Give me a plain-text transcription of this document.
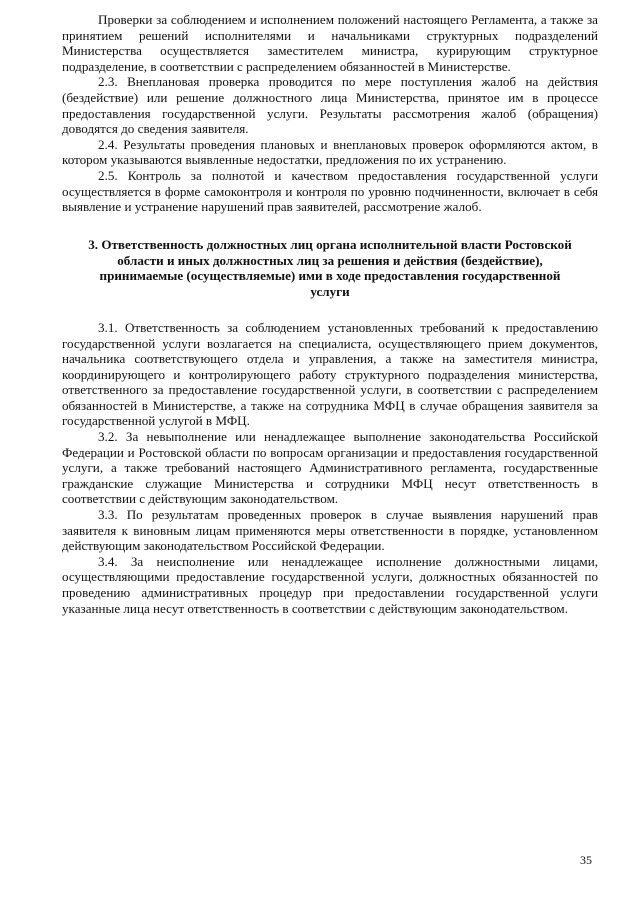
Проверки за соблюдением и исполнением положений настоящего Регламента, а также за принятием решений исполнителями и начальниками структурных подразделений Министерства осуществляется заместителем министра, курирующим структурное подразделение, в соответствии с распределением обязанностей в Министерстве.

2.3. Внеплановая проверка проводится по мере поступления жалоб на действия (бездействие) или решение должностного лица Министерства, принятое им в процессе предоставления государственной услуги. Результаты рассмотрения жалоб (обращения) доводятся до сведения заявителя.

2.4. Результаты проведения плановых и внеплановых проверок оформляются актом, в котором указываются выявленные недостатки, предложения по их устранению.

2.5. Контроль за полнотой и качеством предоставления государственной услуги осуществляется в форме самоконтроля и контроля по уровню подчиненности, включает в себя выявление и устранение нарушений прав заявителей, рассмотрение жалоб.

3. Ответственность должностных лиц органа исполнительной власти Ростовской области и иных должностных лиц за решения и действия (бездействие), принимаемые (осуществляемые) ими в ходе предоставления государственной услуги

3.1. Ответственность за соблюдением установленных требований к предоставлению государственной услуги возлагается на специалиста, осуществляющего прием документов, начальника соответствующего отдела и управления, а также на заместителя министра, координирующего и контролирующего работу структурного подразделения министерства, ответственного за предоставление государственной услуги, в соответствии с распределением обязанностей в Министерстве, а также на сотрудника МФЦ в случае обращения заявителя за государственной услугой в МФЦ.

3.2. За невыполнение или ненадлежащее выполнение законодательства Российской Федерации и Ростовской области по вопросам организации и предоставления государственной услуги, а также требований настоящего Административного регламента, государственные гражданские служащие Министерства и сотрудники МФЦ несут ответственность в соответствии с действующим законодательством.

3.3. По результатам проведенных проверок в случае выявления нарушений прав заявителя к виновным лицам применяются меры ответственности в порядке, установленном действующим законодательством Российской Федерации.

3.4. За неисполнение или ненадлежащее исполнение должностными лицами, осуществляющими предоставление государственной услуги, должностных обязанностей по проведению административных процедур при предоставлении государственной услуги указанные лица несут ответственность в соответствии с действующим законодательством.

35
